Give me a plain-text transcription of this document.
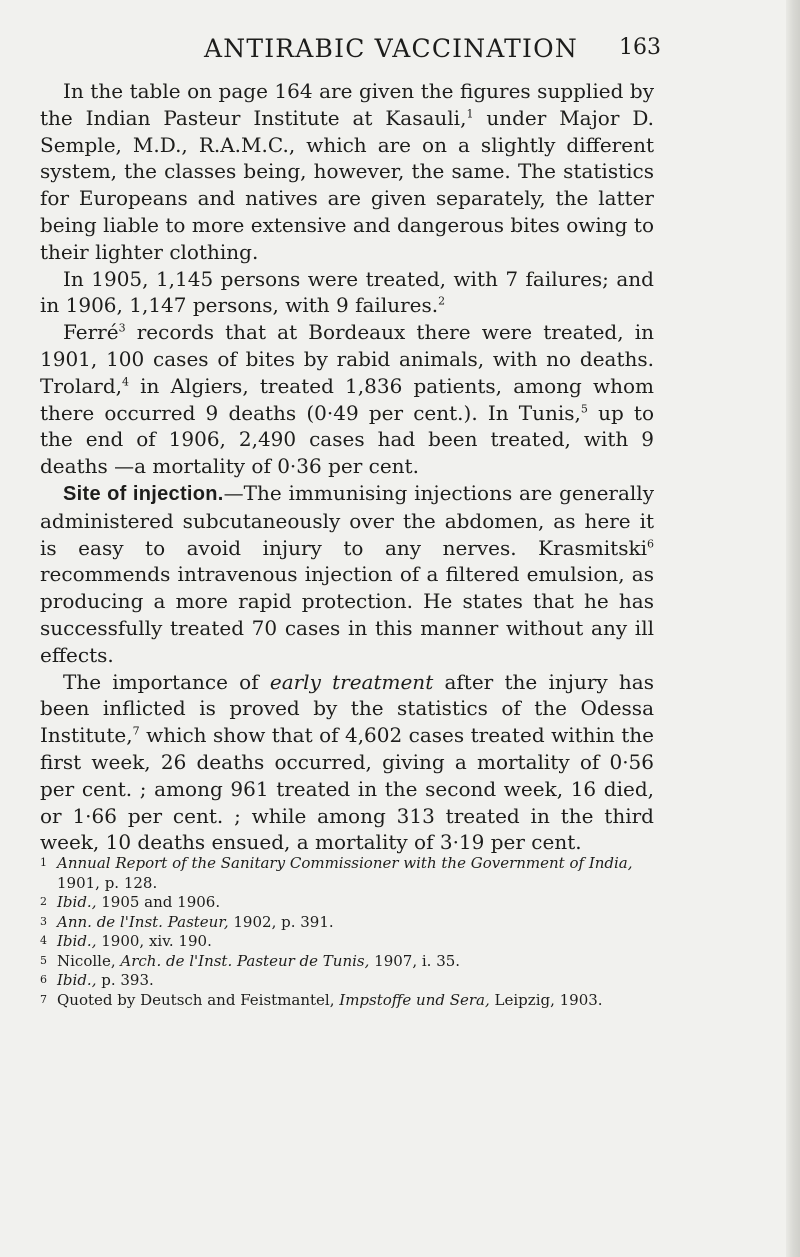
ANTIRABIC VACCINATION 163

In the table on page 164 are given the figures supplied by the Indian Pasteur Institute at Kasauli,$^1$ under Major D. Semple, M.D., R.A.M.C., which are on a slightly different system, the classes being, however, the same. The statistics for Europeans and natives are given separately, the latter being liable to more extensive and dangerous bites owing to their lighter clothing.

In 1905, 1,145 persons were treated, with 7 failures; and in 1906, 1,147 persons, with 9 failures.$^2$

Ferré$^3$ records that at Bordeaux there were treated, in 1901, 100 cases of bites by rabid animals, with no deaths. Trolard,$^4$ in Algiers, treated 1,836 patients, among whom there occurred 9 deaths (0·49 per cent.). In Tunis,$^5$ up to the end of 1906, 2,490 cases had been treated, with 9 deaths —a mortality of 0·36 per cent.

Site of injection.—The immunising injections are generally administered subcutaneously over the abdomen, as here it is easy to avoid injury to any nerves. Krasmitski$^6$ recommends intravenous injection of a filtered emulsion, as producing a more rapid protection. He states that he has successfully treated 70 cases in this manner without any ill effects.

The importance of early treatment after the injury has been inflicted is proved by the statistics of the Odessa Institute,$^7$ which show that of 4,602 cases treated within the first week, 26 deaths occurred, giving a mortality of 0·56 per cent. ; among 961 treated in the second week, 16 died, or 1·66 per cent. ; while among 313 treated in the third week, 10 deaths ensued, a mortality of 3·19 per cent.

1 Annual Report of the Sanitary Commissioner with the Government of India, 1901, p. 128.

2 Ibid., 1905 and 1906.

3 Ann. de l'Inst. Pasteur, 1902, p. 391.

4 Ibid., 1900, xiv. 190.

5 Nicolle, Arch. de l'Inst. Pasteur de Tunis, 1907, i. 35.

6 Ibid., p. 393.

7 Quoted by Deutsch and Feistmantel, Impstoffe und Sera, Leipzig, 1903.
